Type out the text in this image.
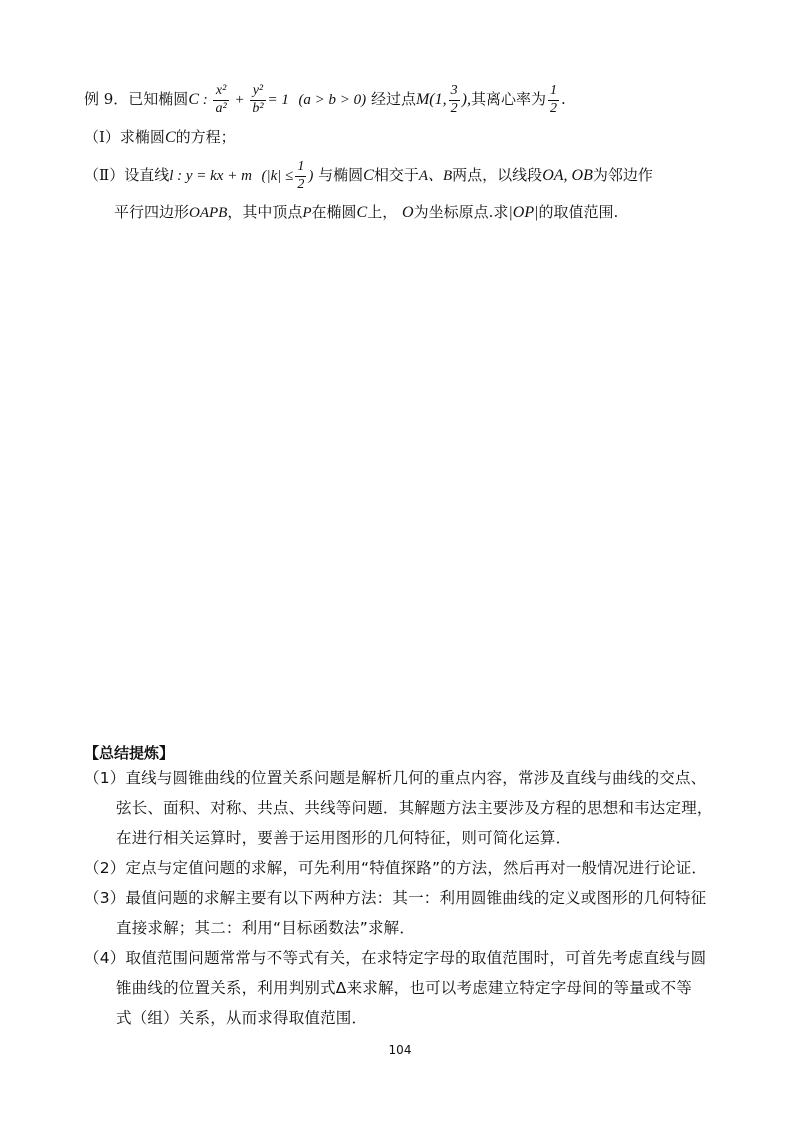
例 9．已知椭圆C : $\frac{\text{x²}}{\text{a²}} + \frac{\text{y²}}{\text{b²}} = 1$ (a > b > 0) 经过点M(1, $\frac{3}{2}$ ),其离心率为 $\frac{1}{2}$ .
（Ⅰ）求椭圆C的方程；
（Ⅱ）设直线l : y = kx + m ($|k| \le \frac{1}{2}$ ) 与椭圆C相交于A、B两点，以线段OA, OB为邻边作
平行四边形OAPB，其中顶点P在椭圆C上， O为坐标原点.求|OP|的取值范围.
【总结提炼】
（1）直线与圆锥曲线的位置关系问题是解析几何的重点内容，常涉及直线与曲线的交点、
弦长、面积、对称、共点、共线等问题．其解题方法主要涉及方程的思想和韦达定理，
在进行相关运算时，要善于运用图形的几何特征，则可简化运算．
（2）定点与定值问题的求解，可先利用“特值探路”的方法，然后再对一般情况进行论证．
（3）最值问题的求解主要有以下两种方法：其一：利用圆锥曲线的定义或图形的几何特征
直接求解；其二：利用“目标函数法”求解．
（4）取值范围问题常常与不等式有关，在求特定字母的取值范围时，可首先考虑直线与圆
锥曲线的位置关系，利用判别式Δ来求解，也可以考虑建立特定字母间的等量或不等
式（组）关系，从而求得取值范围．
104
